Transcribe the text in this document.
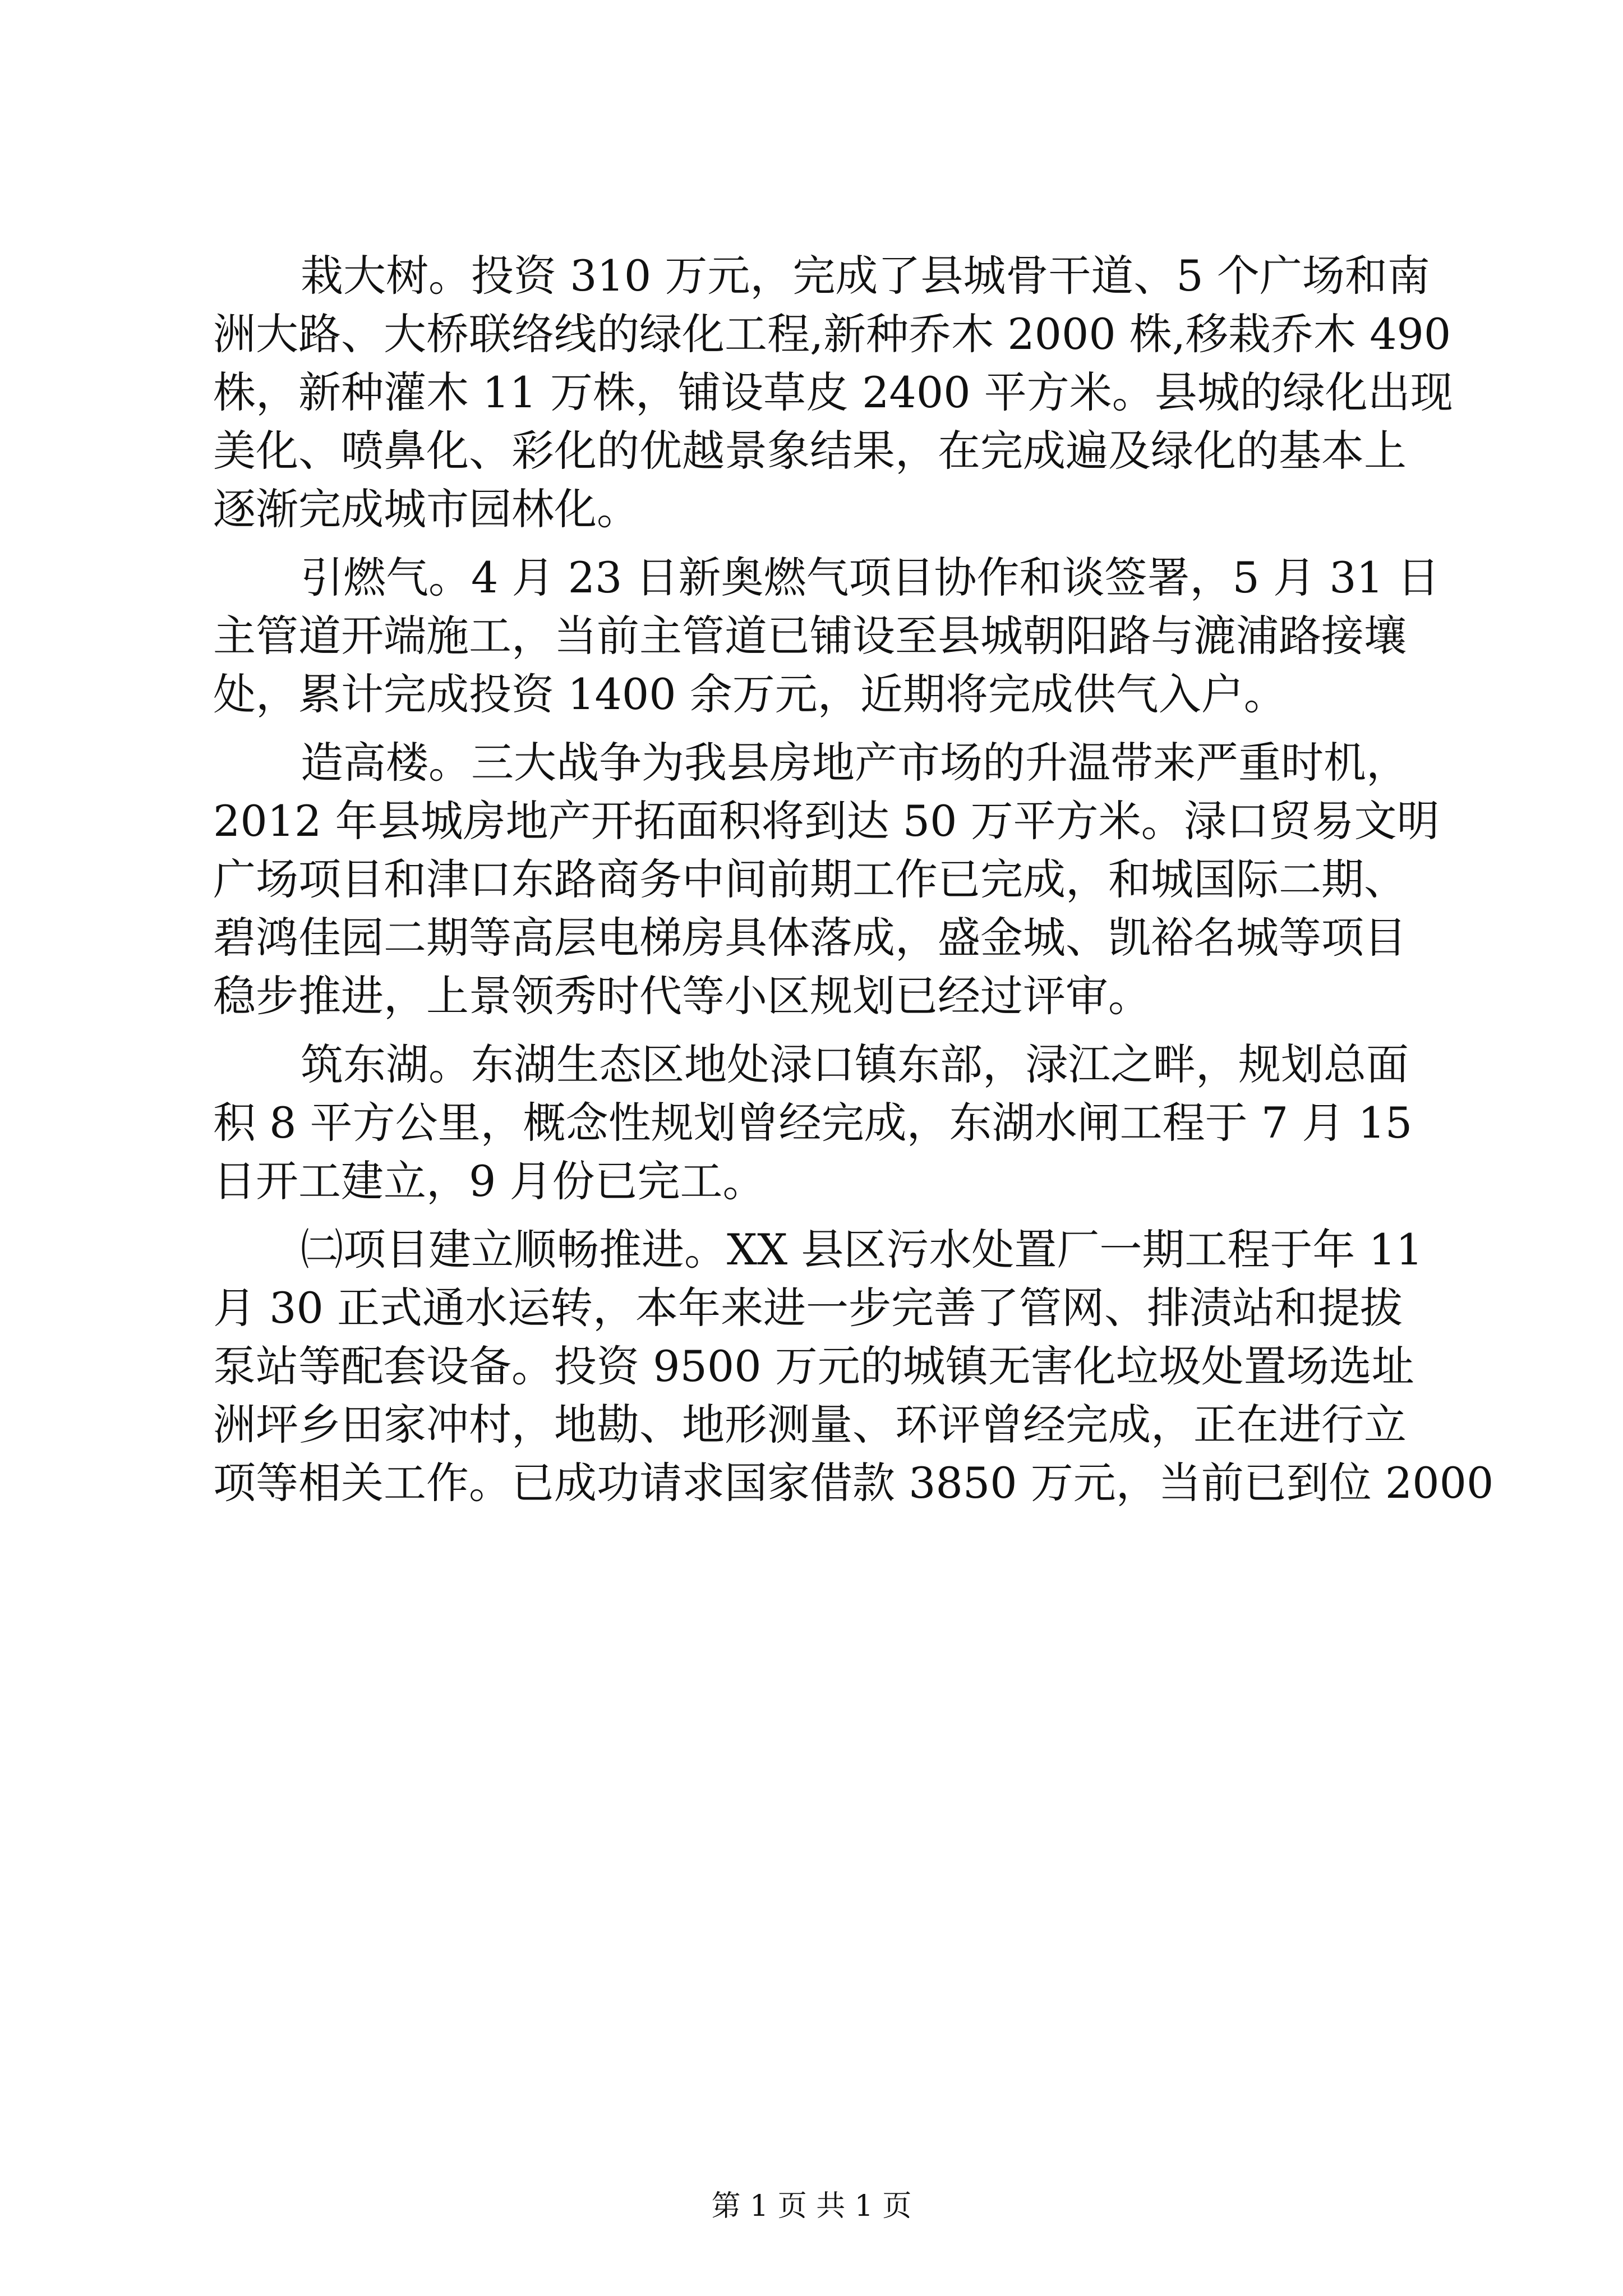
栽大树。投资 310 万元，完成了县城骨干道、5 个广场和南
洲大路、大桥联络线的绿化工程,新种乔木 2000 株,移栽乔木 490
株，新种灌木 11 万株，铺设草皮 2400 平方米。县城的绿化出现
美化、喷鼻化、彩化的优越景象结果，在完成遍及绿化的基本上
逐渐完成城市园林化。
引燃气。4 月 23 日新奥燃气项目协作和谈签署，5 月 31 日
主管道开端施工，当前主管道已铺设至县城朝阳路与漉浦路接壤
处，累计完成投资 1400 余万元，近期将完成供气入户。
造高楼。三大战争为我县房地产市场的升温带来严重时机，
2012 年县城房地产开拓面积将到达 50 万平方米。渌口贸易文明
广场项目和津口东路商务中间前期工作已完成，和城国际二期、
碧鸿佳园二期等高层电梯房具体落成，盛金城、凯裕名城等项目
稳步推进，上景领秀时代等小区规划已经过评审。
筑东湖。东湖生态区地处渌口镇东部，渌江之畔，规划总面
积 8 平方公里，概念性规划曾经完成，东湖水闸工程于 7 月 15
日开工建立，9 月份已完工。
㈡项目建立顺畅推进。XX 县区污水处置厂一期工程于年 11
月 30 正式通水运转，本年来进一步完善了管网、排渍站和提拔
泵站等配套设备。投资 9500 万元的城镇无害化垃圾处置场选址
洲坪乡田家冲村，地勘、地形测量、环评曾经完成，正在进行立
项等相关工作。已成功请求国家借款 3850 万元，当前已到位 2000
第 1 页 共 1 页
